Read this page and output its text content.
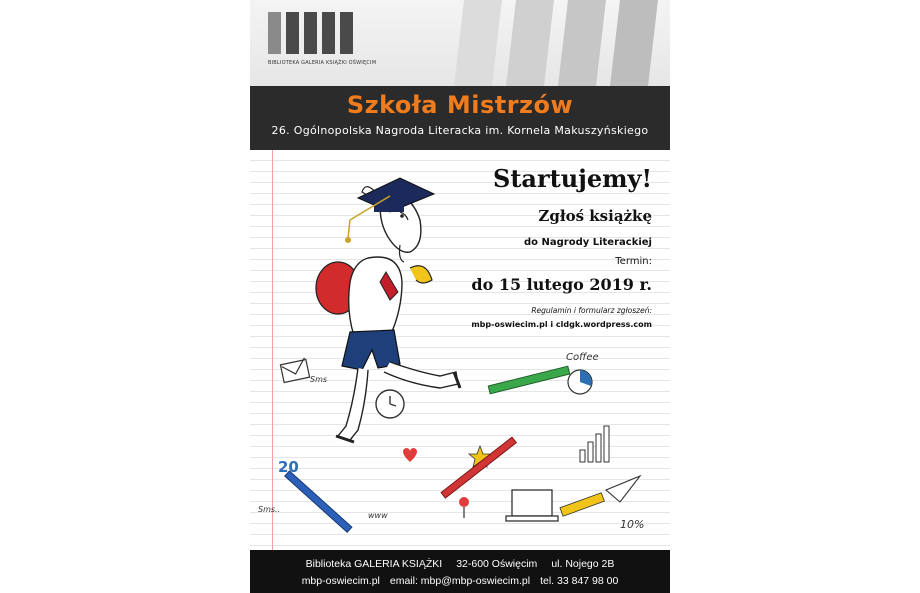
BIBLIOTEKA GALERIA KSIĄŻKI OŚWIĘCIM
Szkoła Mistrzów
26. Ogólnopolska Nagroda Literacka im. Kornela Makuszyńskiego
Sms
Coffee
20
Sms..
10%
www
Startujemy!
Zgłoś książkę
do Nagrody Literackiej
Termin:
do 15 lutego 2019 r.
Regulamin i formularz zgłoszeń:
mbp-oswiecim.pl i cldgk.wordpress.com
Biblioteka GALERIA KSIĄŻKI 32-600 Oświęcim ul. Nojego 2B
mbp-oswiecim.pl email: mbp@mbp-oswiecim.pl tel. 33 847 98 00
